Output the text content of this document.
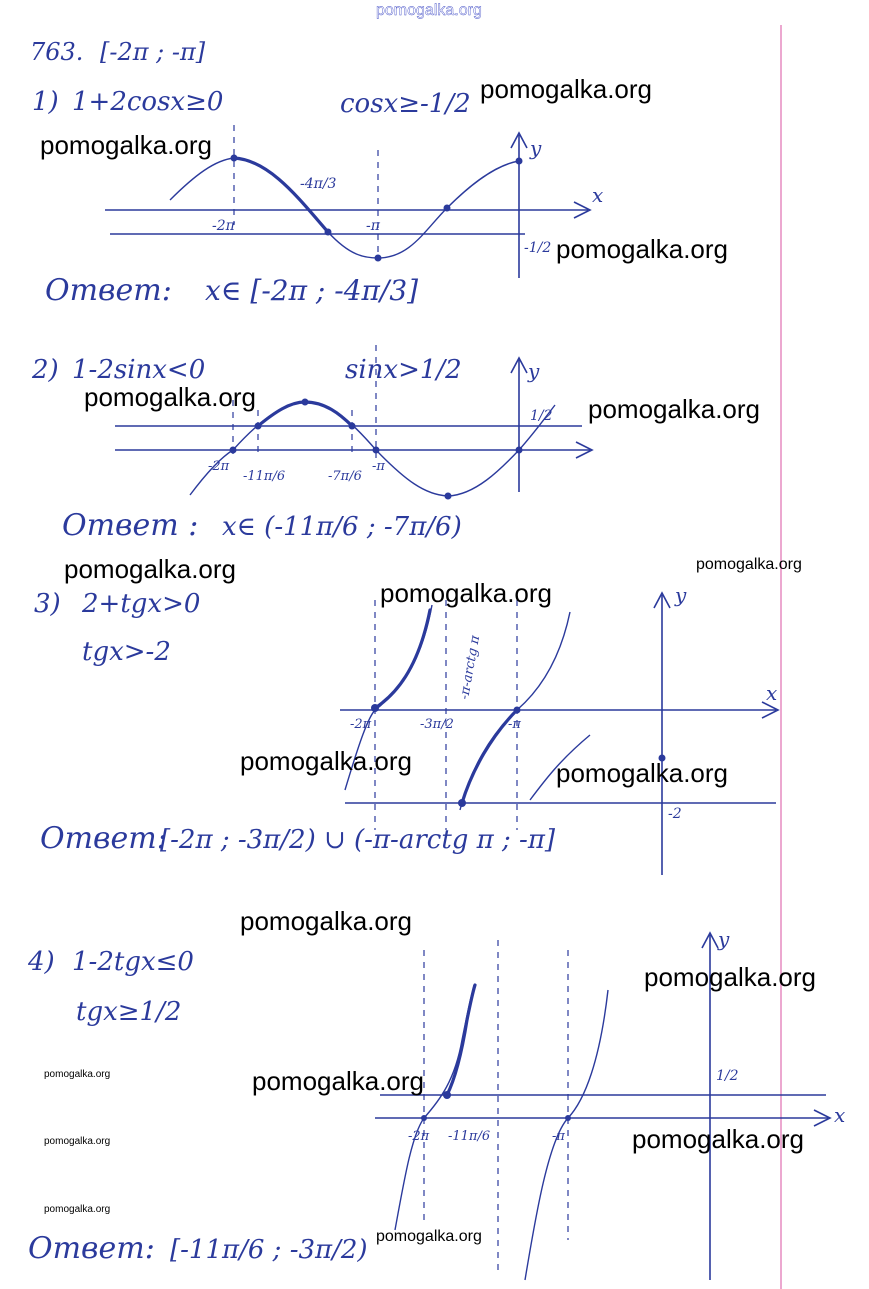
763. [-2π ; -π]
1) 1+2cosx≥0	cosx≥-1/2
x
y
-2π
-4π/3
-π
-1/2
Ответ: x∈ [-2π ; -4π/3]
2) 1-2sinx<0	sinx>1/2	y
-2π
-11π/6	-7π/6
-π
1/2
Ответ : x∈ (-11π/6 ; -7π/6)
3) 2+tgx>0
tgx>-2
x
y
-2π	-3π/2	-π
-2
-π-arctg π
Ответ:
[-2π ; -3π/2) ∪ (-π-arctg π ; -π]
4) 1-2tgx≤0
tgx≥1/2
x
y
-2π -11π/6	-π
1/2
Ответ: [-11π/6 ; -3π/2)
pomogalka.org
pomogalka.org
pomogalka.org
pomogalka.org
pomogalka.org	pomogalka.org
pomogalka.org	pomogalka.org
pomogalka.org
pomogalka.org	pomogalka.org
pomogalka.org
pomogalka.org
pomogalka.org	pomogalka.org
pomogalka.org
pomogalka.org
pomogalka.org
pomogalka.org
